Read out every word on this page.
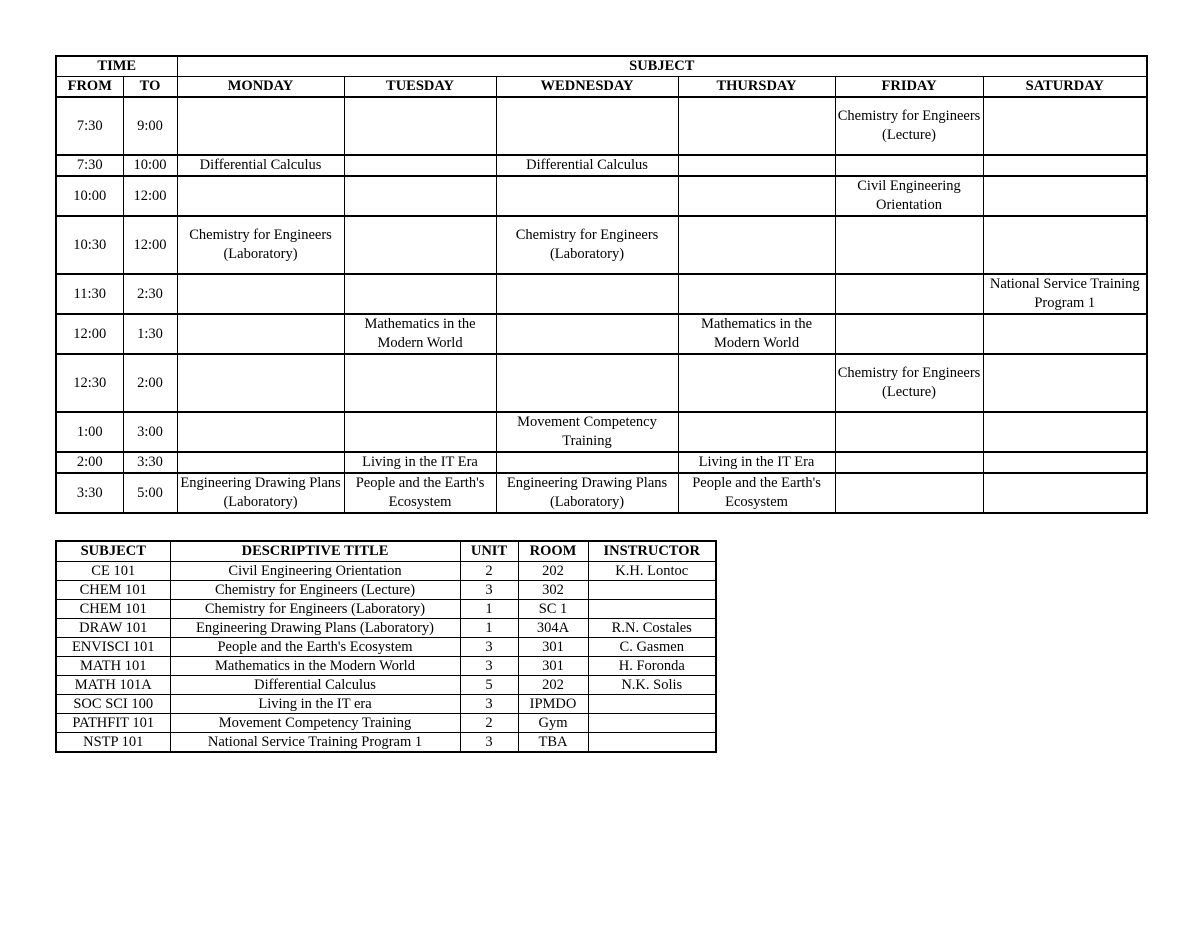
TIME		SUBJECT					
FROM	TO	MONDAY	TUESDAY	WEDNESDAY	THURSDAY	FRIDAY	SATURDAY
7:30	9:00					Chemistry for Engineers (Lecture)	
7:30	10:00	Differential Calculus		Differential Calculus			
10:00	12:00					Civil Engineering Orientation	
10:30	12:00	Chemistry for Engineers (Laboratory)		Chemistry for Engineers (Laboratory)			
11:30	2:30						National Service Training Program 1
12:00	1:30		Mathematics in the Modern World		Mathematics in the Modern World		
12:30	2:00					Chemistry for Engineers (Lecture)	
1:00	3:00			Movement Competency Training			
2:00	3:30		Living in the IT Era		Living in the IT Era		
3:30	5:00	Engineering Drawing Plans (Laboratory)	People and the Earth's Ecosystem	Engineering Drawing Plans (Laboratory)	People and the Earth's Ecosystem		
SUBJECT	DESCRIPTIVE TITLE	UNIT	ROOM	INSTRUCTOR
CE 101	Civil Engineering Orientation	2	202	K.H. Lontoc
CHEM 101	Chemistry for Engineers (Lecture)	3	302	
CHEM 101	Chemistry for Engineers (Laboratory)	1	SC 1	
DRAW 101	Engineering Drawing Plans (Laboratory)	1	304A	R.N. Costales
ENVISCI 101	People and the Earth's Ecosystem	3	301	C. Gasmen
MATH 101	Mathematics in the Modern World	3	301	H. Foronda
MATH 101A	Differential Calculus	5	202	N.K. Solis
SOC SCI 100	Living in the IT era	3	IPMDO	
PATHFIT 101	Movement Competency Training	2	Gym	
NSTP 101	National Service Training Program 1	3	TBA	
